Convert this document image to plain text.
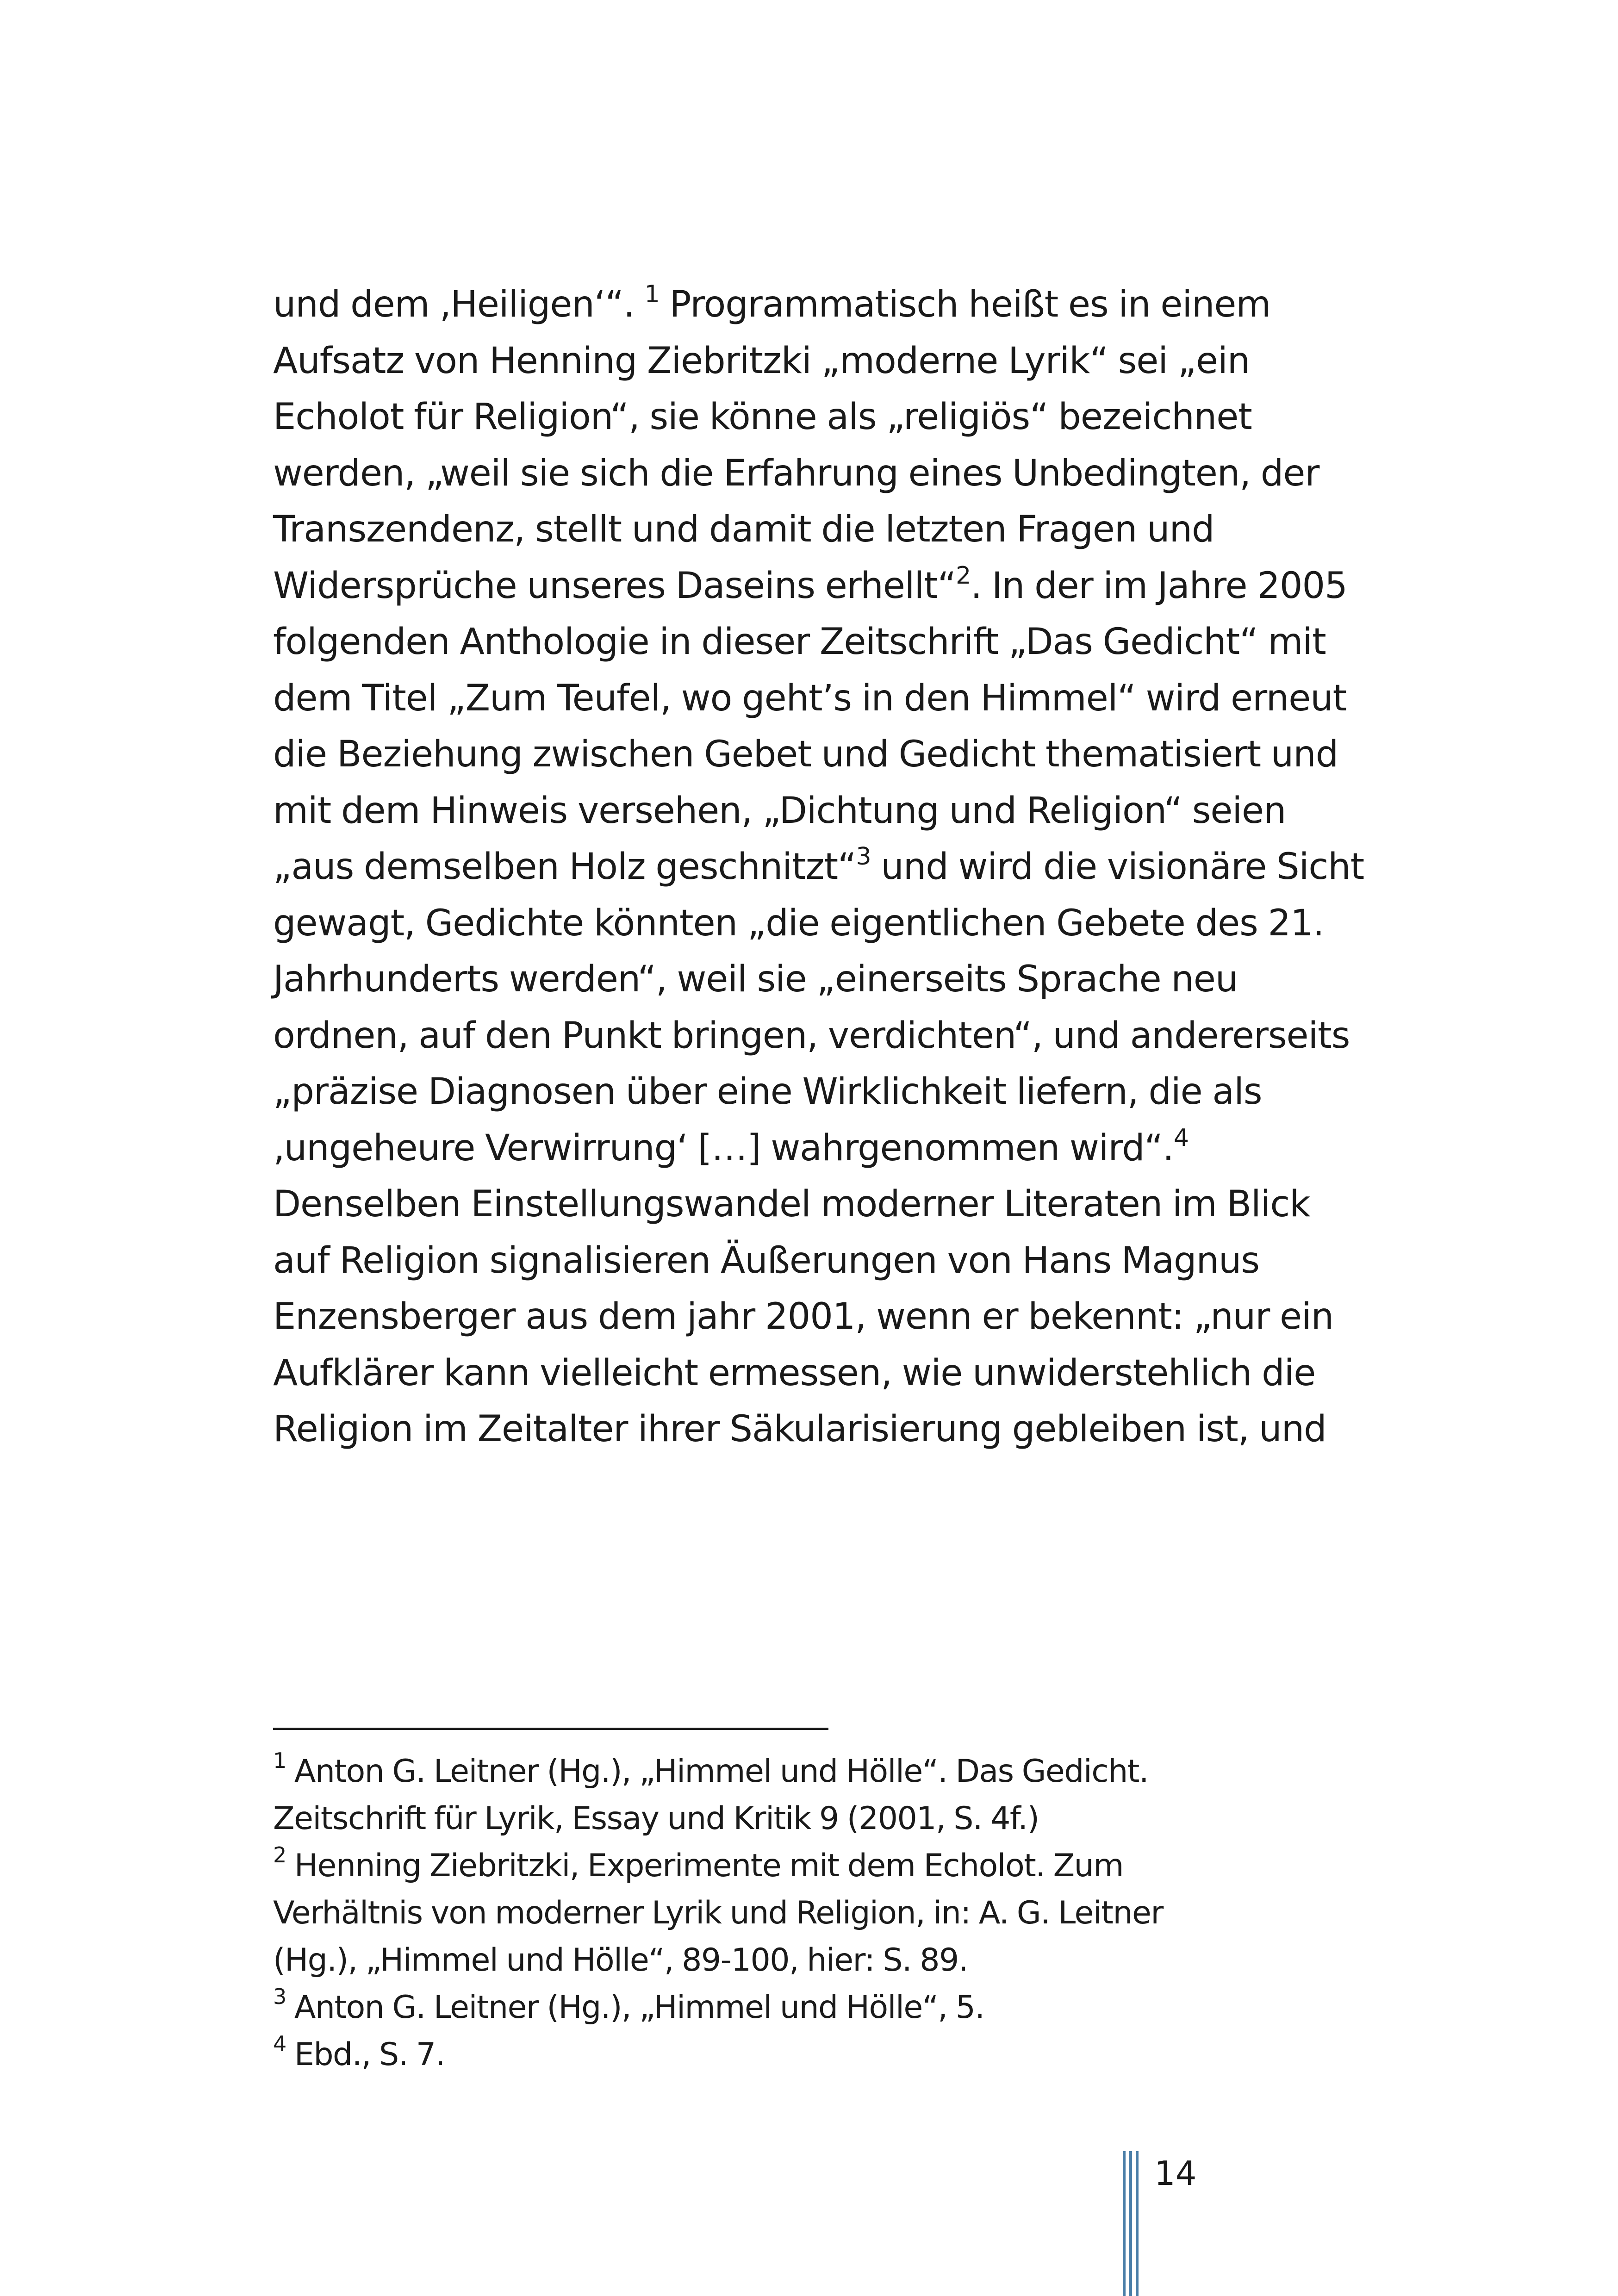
und dem ‚Heiligen‘“. $^1$ Programmatisch heißt es in einem
Aufsatz von Henning Ziebritzki „moderne Lyrik“ sei „ein
Echolot für Religion“, sie könne als „religiös“ bezeichnet
werden, „weil sie sich die Erfahrung eines Unbedingten, der
Transzendenz, stellt und damit die letzten Fragen und
Widersprüche unseres Daseins erhellt“$^2$. In der im Jahre 2005
folgenden Anthologie in dieser Zeitschrift „Das Gedicht“ mit
dem Titel „Zum Teufel, wo geht’s in den Himmel“ wird erneut
die Beziehung zwischen Gebet und Gedicht thematisiert und
mit dem Hinweis versehen, „Dichtung und Religion“ seien
„aus demselben Holz geschnitzt“$^3$ und wird die visionäre Sicht
gewagt, Gedichte könnten „die eigentlichen Gebete des 21.
Jahrhunderts werden“, weil sie „einerseits Sprache neu
ordnen, auf den Punkt bringen, verdichten“, und andererseits
„präzise Diagnosen über eine Wirklichkeit liefern, die als
‚ungeheure Verwirrung‘ […] wahrgenommen wird“.$^4$
Denselben Einstellungswandel moderner Literaten im Blick
auf Religion signalisieren Äußerungen von Hans Magnus
Enzensberger aus dem jahr 2001, wenn er bekennt: „nur ein
Aufklärer kann vielleicht ermessen, wie unwiderstehlich die
Religion im Zeitalter ihrer Säkularisierung gebleiben ist, und
$^1$ Anton G. Leitner (Hg.), „Himmel und Hölle“. Das Gedicht.
Zeitschrift für Lyrik, Essay und Kritik 9 (2001, S. 4f.)
$^2$ Henning Ziebritzki, Experimente mit dem Echolot. Zum
Verhältnis von moderner Lyrik und Religion, in: A. G. Leitner
(Hg.), „Himmel und Hölle“, 89-100, hier: S. 89.
$^3$ Anton G. Leitner (Hg.), „Himmel und Hölle“, 5.
$^4$ Ebd., S. 7.
14
